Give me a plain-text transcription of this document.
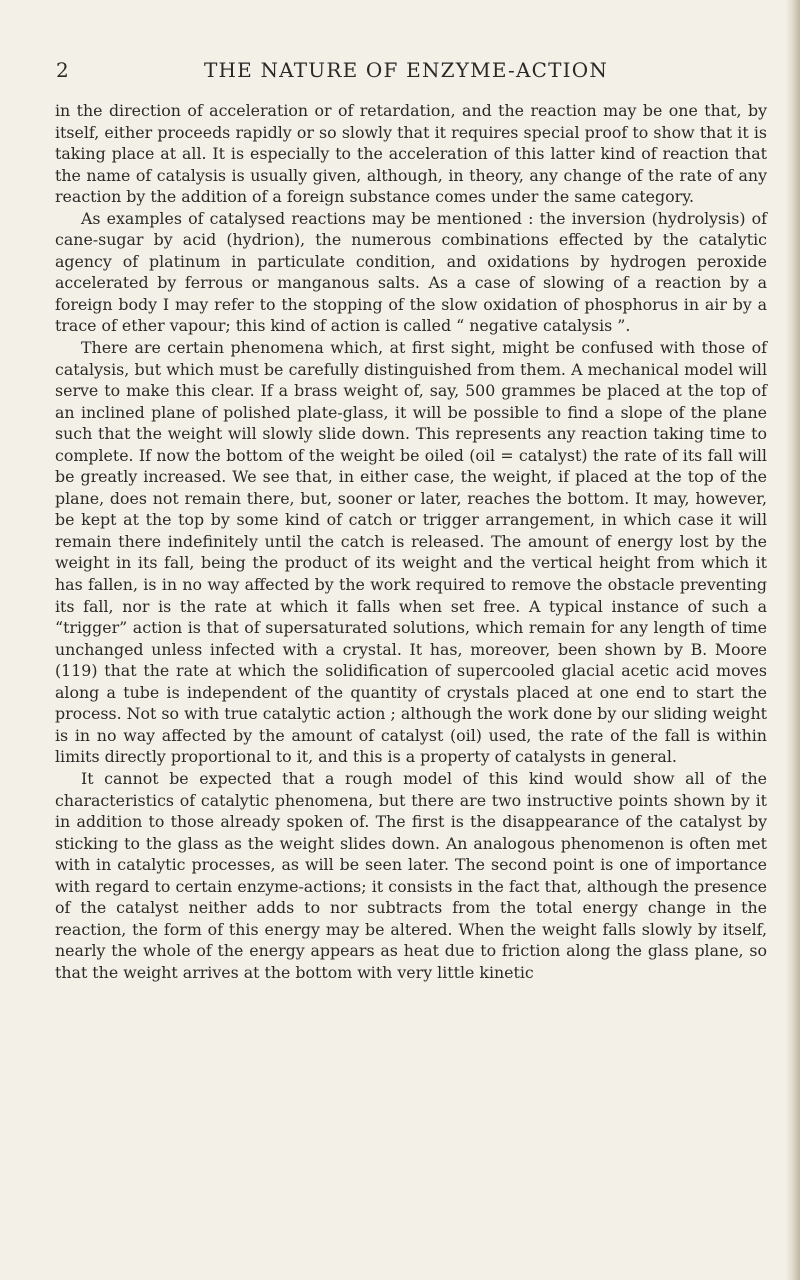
2	THE NATURE OF ENZYME-ACTION

in the direction of acceleration or of retardation, and the reaction may be one that, by itself, either proceeds rapidly or so slowly that it requires special proof to show that it is taking place at all. It is especially to the acceleration of this latter kind of reaction that the name of catalysis is usually given, although, in theory, any change of the rate of any reaction by the addition of a foreign substance comes under the same category.

As examples of catalysed reactions may be mentioned : the inversion (hydrolysis) of cane-sugar by acid (hydrion), the numerous combinations effected by the catalytic agency of platinum in particulate condition, and oxidations by hydrogen peroxide accelerated by ferrous or manganous salts. As a case of slowing of a reaction by a foreign body I may refer to the stopping of the slow oxidation of phosphorus in air by a trace of ether vapour; this kind of action is called “ negative catalysis ”.

There are certain phenomena which, at first sight, might be confused with those of catalysis, but which must be carefully distinguished from them. A mechanical model will serve to make this clear. If a brass weight of, say, 500 grammes be placed at the top of an inclined plane of polished plate-glass, it will be possible to find a slope of the plane such that the weight will slowly slide down. This represents any reaction taking time to complete. If now the bottom of the weight be oiled (oil = catalyst) the rate of its fall will be greatly increased. We see that, in either case, the weight, if placed at the top of the plane, does not remain there, but, sooner or later, reaches the bottom. It may, however, be kept at the top by some kind of catch or trigger arrangement, in which case it will remain there indefinitely until the catch is released. The amount of energy lost by the weight in its fall, being the product of its weight and the vertical height from which it has fallen, is in no way affected by the work required to remove the obstacle preventing its fall, nor is the rate at which it falls when set free. A typical instance of such a “trigger” action is that of supersaturated solutions, which remain for any length of time unchanged unless infected with a crystal. It has, moreover, been shown by B. Moore (119) that the rate at which the solidification of supercooled glacial acetic acid moves along a tube is independent of the quantity of crystals placed at one end to start the process. Not so with true catalytic action ; although the work done by our sliding weight is in no way affected by the amount of catalyst (oil) used, the rate of the fall is within limits directly proportional to it, and this is a property of catalysts in general.

It cannot be expected that a rough model of this kind would show all of the characteristics of catalytic phenomena, but there are two instructive points shown by it in addition to those already spoken of. The first is the disappearance of the catalyst by sticking to the glass as the weight slides down. An analogous phenomenon is often met with in catalytic processes, as will be seen later. The second point is one of importance with regard to certain enzyme-actions; it consists in the fact that, although the presence of the catalyst neither adds to nor subtracts from the total energy change in the reaction, the form of this energy may be altered. When the weight falls slowly by itself, nearly the whole of the energy appears as heat due to friction along the glass plane, so that the weight arrives at the bottom with very little kinetic
